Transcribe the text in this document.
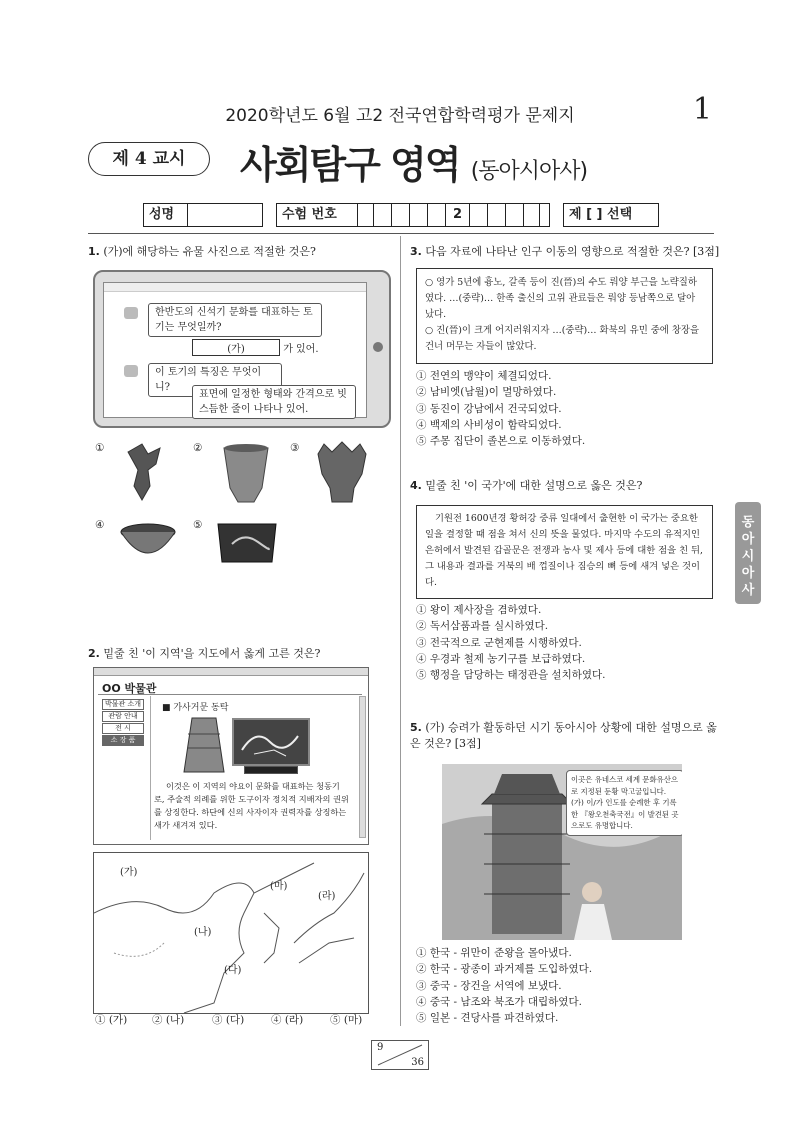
2020학년도 6월 고2 전국연합학력평가 문제지	1
제 4 교시	사회탐구 영역 (동아시아사)
성명	수험 번호	2	제 [ ] 선택
1. (가)에 해당하는 유물 사진으로 적절한 것은?
한반도의 신석기 문화를 대표하는 토기는 무엇일까?
(가)	가 있어.
이 토기의 특징은 무엇이니?
표면에 일정한 형태와 간격으로 빗스듬한 줄이 나타나 있어.
①	②	③
④	⑤
2. 밑줄 친 '이 지역'을 지도에서 옳게 고른 것은?
OO 박물관
박물관 소개
관람 안내
전 시
소 장 품
■ 가사거문 동탁
이것은 이 지역의 야요이 문화를 대표하는 청동기로, 주술적 의례를 위한 도구이자 정치적 지배자의 권위를 상징한다. 하단에 신의 사자이자 권력자를 상징하는 새가 새겨져 있다.
(가)
(나)
(다)
(라)
(마)
① (가) ② (나)	③ (다)	④ (라)	⑤ (마)
3. 다음 자료에 나타난 인구 이동의 영향으로 적절한 것은? [3점]
○ 영가 5년에 흉노, 갈족 등이 진(晉)의 수도 뤄양 부근을 노략질하였다. …(중략)… 한족 출신의 고위 관료들은 뤄양 등남쪽으로 달아났다.
○ 진(晉)이 크게 어지러워지자 …(중략)… 화북의 유민 중에 창장을 건너 머무는 자들이 많았다.
① 전연의 맹약이 체결되었다.
② 남비엣(남월)이 멸망하였다.
③ 동진이 강남에서 건국되었다.
④ 백제의 사비성이 함락되었다.
⑤ 주몽 집단이 졸본으로 이동하였다.
4. 밑줄 친 '이 국가'에 대한 설명으로 옳은 것은?
기원전 1600년경 황허강 중류 일대에서 출현한 이 국가는 중요한 일을 결정할 때 점을 쳐서 신의 뜻을 물었다. 마지막 수도의 유적지인 은허에서 발견된 갑골문은 전쟁과 농사 및 제사 등에 대한 점을 친 뒤, 그 내용과 결과를 거북의 배 껍질이나 짐승의 뼈 등에 새겨 넣은 것이다.
① 왕이 제사장을 겸하였다.
② 독서삼품과를 실시하였다.
③ 전국적으로 군현제를 시행하였다.
④ 우경과 철제 농기구를 보급하였다.
⑤ 행정을 담당하는 태정관을 설치하였다.
동아시아사
5. (가) 승려가 활동하던 시기 동아시아 상황에 대한 설명으로 옳은 것은? [3점]
이곳은 유네스코 세계 문화유산으로 지정된 둔황 막고굴입니다. (가) 이/가 인도를 순례한 후 기록한 『왕오천축국전』이 발견된 곳으로도 유명합니다.
① 한국 - 위만이 준왕을 몰아냈다.
② 한국 - 광종이 과거제를 도입하였다.
③ 중국 - 장건을 서역에 보냈다.
④ 중국 - 남조와 북조가 대립하였다.
⑤ 일본 - 견당사를 파견하였다.
9
36
